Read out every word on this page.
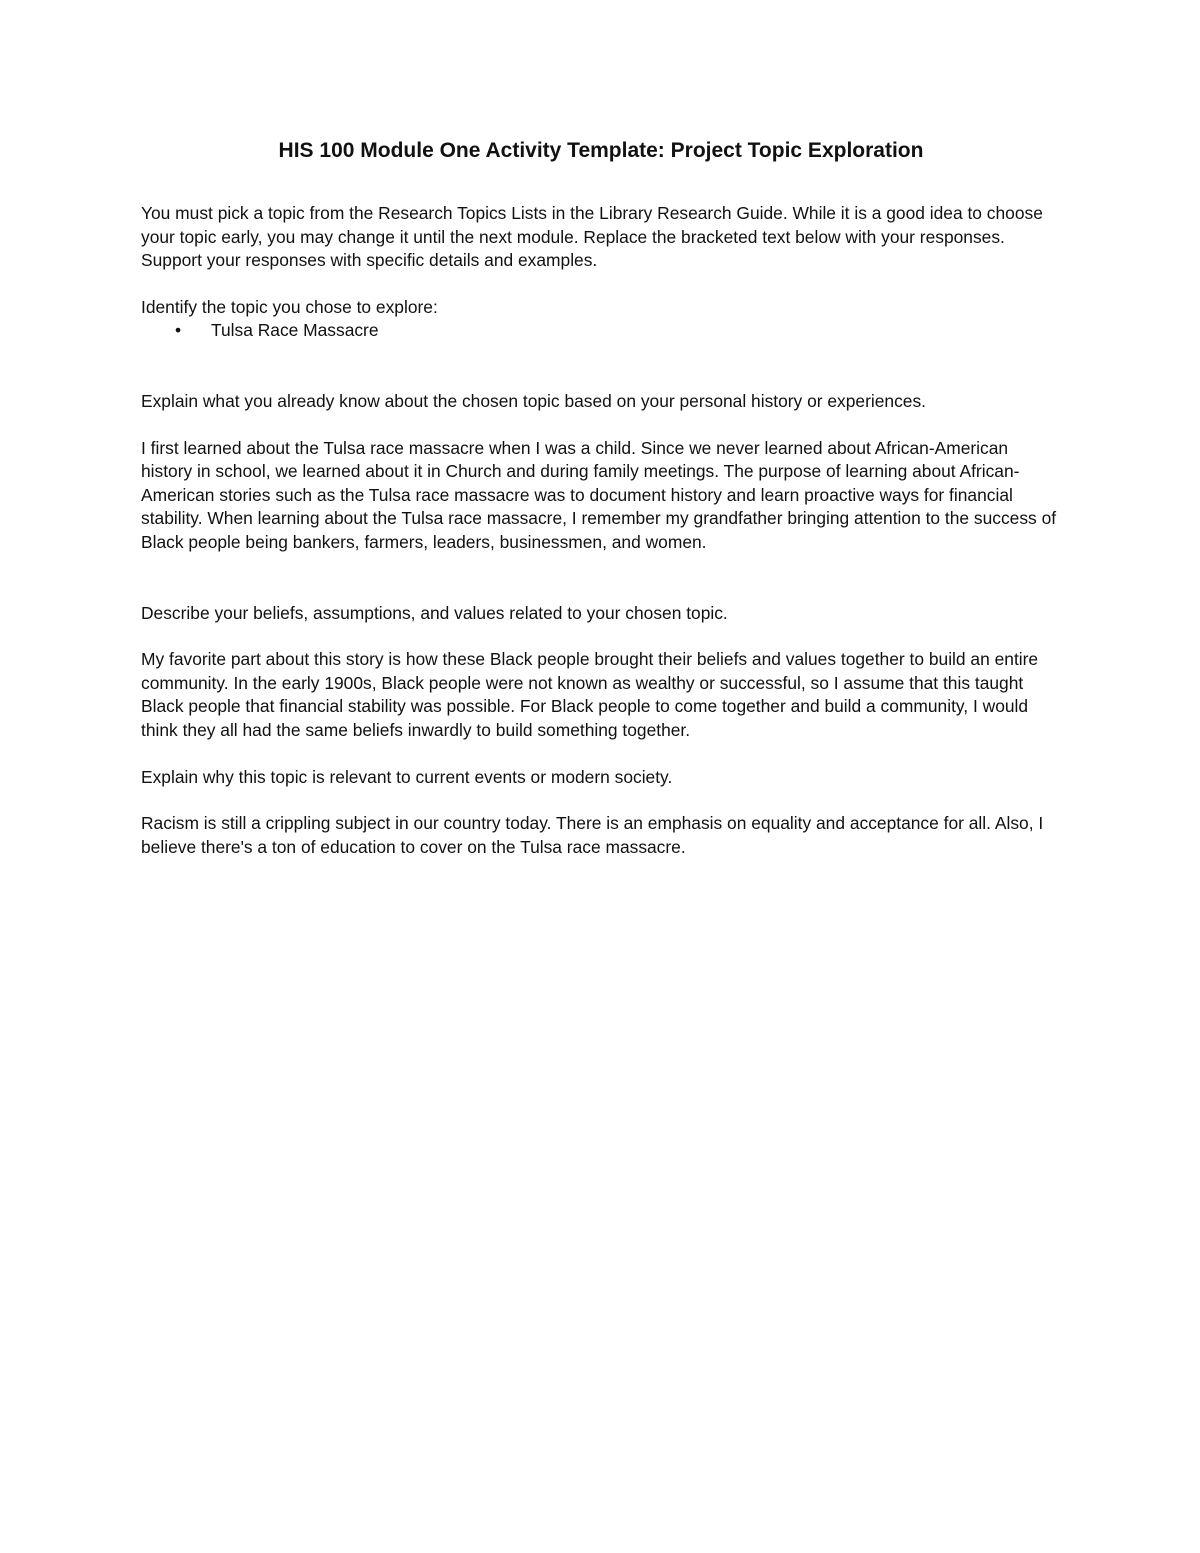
HIS 100 Module One Activity Template: Project Topic Exploration

You must pick a topic from the Research Topics Lists in the Library Research Guide. While it is a good idea to choose your topic early, you may change it until the next module. Replace the bracketed text below with your responses. Support your responses with specific details and examples.

Identify the topic you chose to explore:

• Tulsa Race Massacre

Explain what you already know about the chosen topic based on your personal history or experiences.

I first learned about the Tulsa race massacre when I was a child. Since we never learned about African-American history in school, we learned about it in Church and during family meetings. The purpose of learning about African-American stories such as the Tulsa race massacre was to document history and learn proactive ways for financial stability. When learning about the Tulsa race massacre, I remember my grandfather bringing attention to the success of Black people being bankers, farmers, leaders, businessmen, and women.

Describe your beliefs, assumptions, and values related to your chosen topic.

My favorite part about this story is how these Black people brought their beliefs and values together to build an entire community. In the early 1900s, Black people were not known as wealthy or successful, so I assume that this taught Black people that financial stability was possible. For Black people to come together and build a community, I would think they all had the same beliefs inwardly to build something together.

Explain why this topic is relevant to current events or modern society.

Racism is still a crippling subject in our country today. There is an emphasis on equality and acceptance for all. Also, I believe there's a ton of education to cover on the Tulsa race massacre.
